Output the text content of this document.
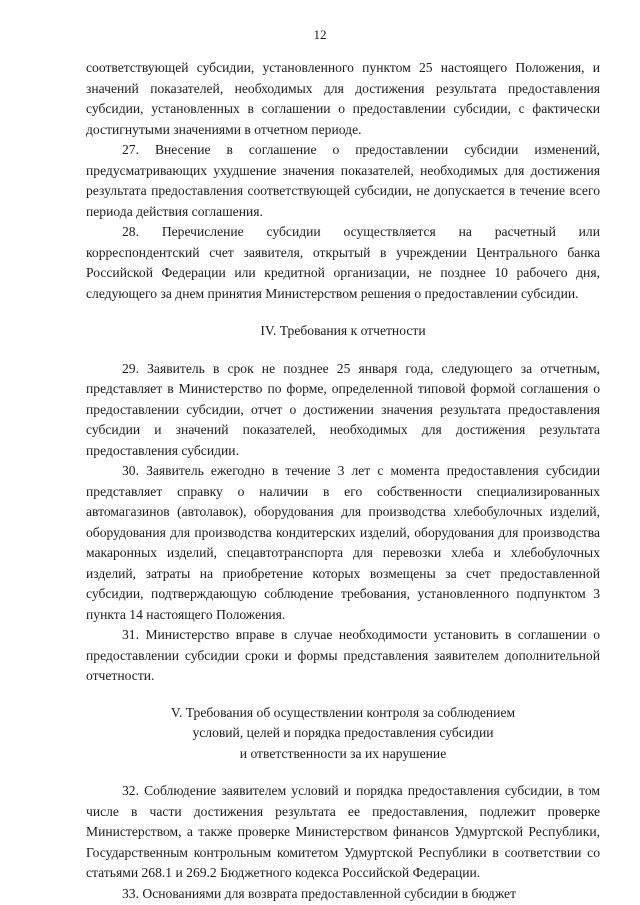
12

соответствующей субсидии, установленного пунктом 25 настоящего Положения, и значений показателей, необходимых для достижения результата предоставления субсидии, установленных в соглашении о предоставлении субсидии, с фактически достигнутыми значениями в отчетном периоде.

27. Внесение в соглашение о предоставлении субсидии изменений, предусматривающих ухудшение значения показателей, необходимых для достижения результата предоставления соответствующей субсидии, не допускается в течение всего периода действия соглашения.

28. Перечисление субсидии осуществляется на расчетный или корреспондентский счет заявителя, открытый в учреждении Центрального банка Российской Федерации или кредитной организации, не позднее 10 рабочего дня, следующего за днем принятия Министерством решения о предоставлении субсидии.

IV. Требования к отчетности

29. Заявитель в срок не позднее 25 января года, следующего за отчетным, представляет в Министерство по форме, определенной типовой формой соглашения о предоставлении субсидии, отчет о достижении значения результата предоставления субсидии и значений показателей, необходимых для достижения результата предоставления субсидии.

30. Заявитель ежегодно в течение 3 лет с момента предоставления субсидии представляет справку о наличии в его собственности специализированных автомагазинов (автолавок), оборудования для производства хлебобулочных изделий, оборудования для производства кондитерских изделий, оборудования для производства макаронных изделий, спецавтотранспорта для перевозки хлеба и хлебобулочных изделий, затраты на приобретение которых возмещены за счет предоставленной субсидии, подтверждающую соблюдение требования, установленного подпунктом 3 пункта 14 настоящего Положения.

31. Министерство вправе в случае необходимости установить в соглашении о предоставлении субсидии сроки и формы представления заявителем дополнительной отчетности.

V. Требования об осуществлении контроля за соблюдением

условий, целей и порядка предоставления субсидии

и ответственности за их нарушение

32. Соблюдение заявителем условий и порядка предоставления субсидии, в том числе в части достижения результата ее предоставления, подлежит проверке Министерством, а также проверке Министерством финансов Удмуртской Республики, Государственным контрольным комитетом Удмуртской Республики в соответствии со статьями 268.1 и 269.2 Бюджетного кодекса Российской Федерации.

33. Основаниями для возврата предоставленной субсидии в бюджет
